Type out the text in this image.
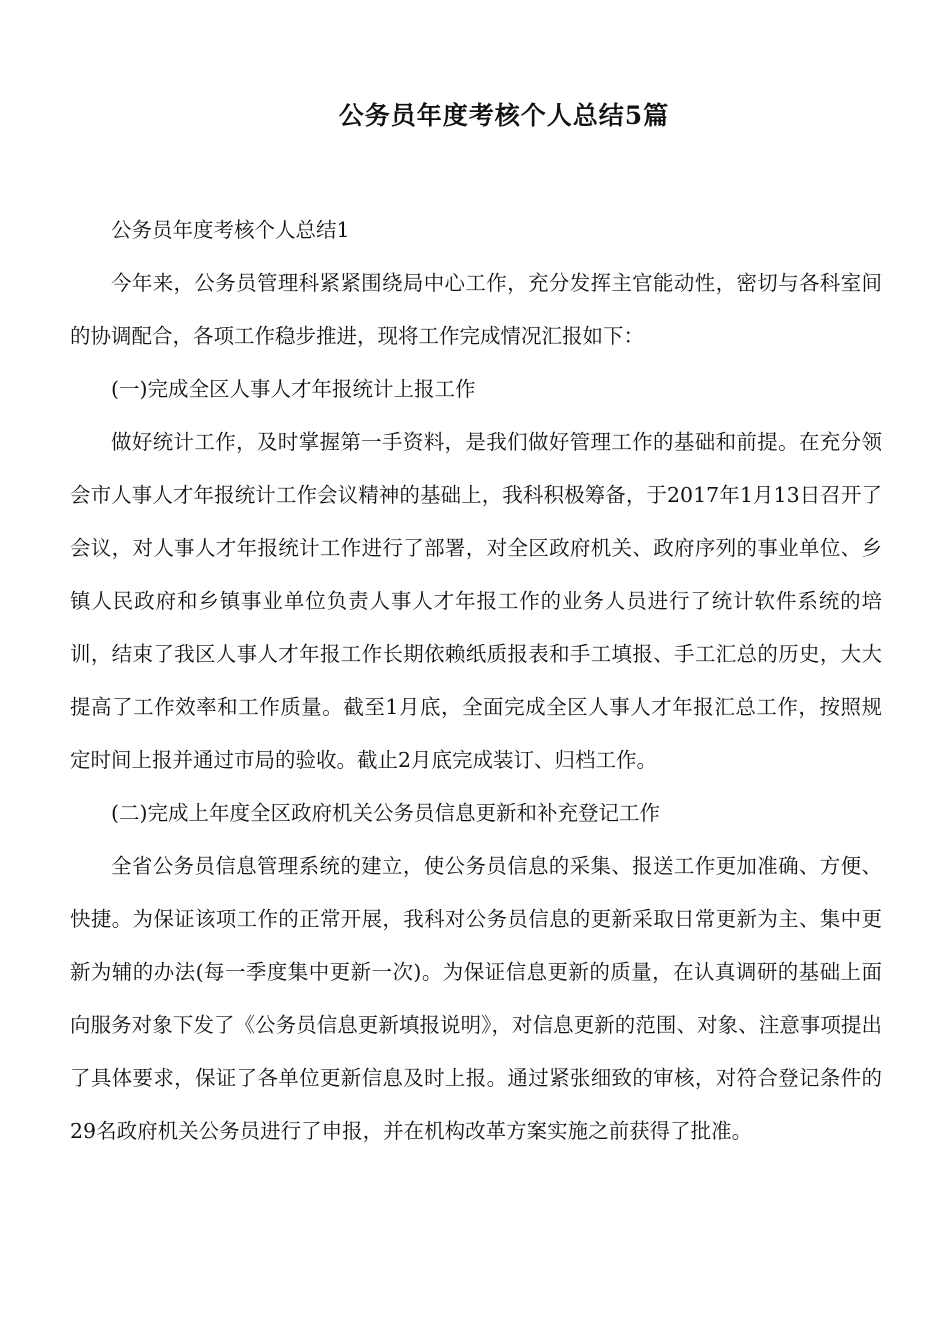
公务员年度考核个人总结5篇

公务员年度考核个人总结1

今年来，公务员管理科紧紧围绕局中心工作，充分发挥主官能动性，密切与各科室间的协调配合，各项工作稳步推进，现将工作完成情况汇报如下：

(一)完成全区人事人才年报统计上报工作

做好统计工作，及时掌握第一手资料，是我们做好管理工作的基础和前提。在充分领会市人事人才年报统计工作会议精神的基础上，我科积极筹备，于2017年1月13日召开了会议，对人事人才年报统计工作进行了部署，对全区政府机关、政府序列的事业单位、乡镇人民政府和乡镇事业单位负责人事人才年报工作的业务人员进行了统计软件系统的培训，结束了我区人事人才年报工作长期依赖纸质报表和手工填报、手工汇总的历史，大大提高了工作效率和工作质量。截至1月底，全面完成全区人事人才年报汇总工作，按照规定时间上报并通过市局的验收。截止2月底完成装订、归档工作。

(二)完成上年度全区政府机关公务员信息更新和补充登记工作

全省公务员信息管理系统的建立，使公务员信息的采集、报送工作更加准确、方便、快捷。为保证该项工作的正常开展，我科对公务员信息的更新采取日常更新为主、集中更新为辅的办法(每一季度集中更新一次)。为保证信息更新的质量，在认真调研的基础上面向服务对象下发了《公务员信息更新填报说明》，对信息更新的范围、对象、注意事项提出了具体要求，保证了各单位更新信息及时上报。通过紧张细致的审核，对符合登记条件的29名政府机关公务员进行了申报，并在机构改革方案实施之前获得了批准。
